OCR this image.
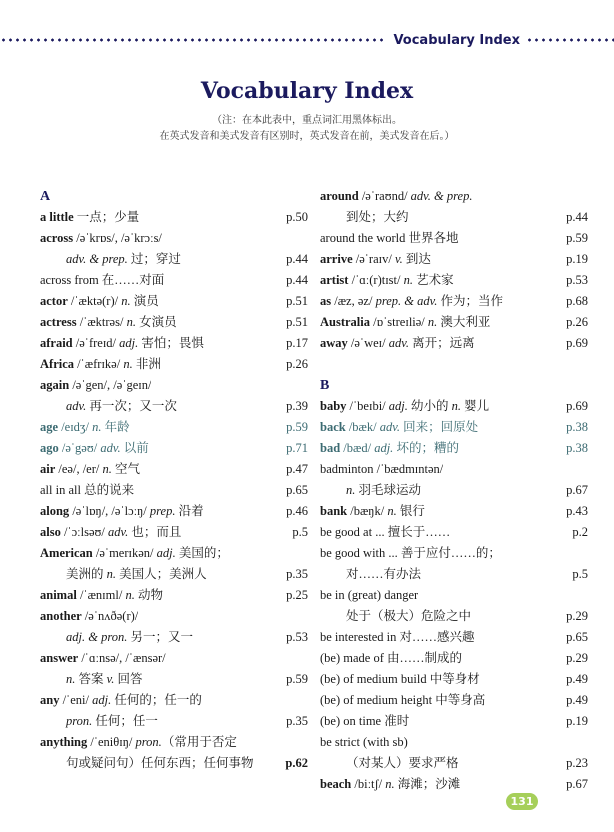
Vocabulary Index
Vocabulary Index
（注：在本此表中，重点词汇用黑体标出。
在英式发音和美式发音有区别时，英式发音在前，美式发音在后。）
A
a little 一点；少量	p.50
across /əˈkrɒs/, /əˈkrɔːs/
adv. & prep. 过；穿过	p.44
across from 在……对面	p.44
actor /ˈæktə(r)/ n. 演员	p.51
actress /ˈæktrəs/ n. 女演员	p.51
afraid /əˈfreɪd/ adj. 害怕；畏惧	p.17
Africa /ˈæfrɪkə/ n. 非洲	p.26
again /əˈgen/, /əˈgeɪn/
adv. 再一次；又一次	p.39
age /eɪdʒ/ n. 年龄	p.59
ago /əˈgəʊ/ adv. 以前	p.71
air /eə/, /er/ n. 空气	p.47
all in all 总的说来	p.65
along /əˈlɒŋ/, /əˈlɔːŋ/ prep. 沿着	p.46
also /ˈɔːlsəʊ/ adv. 也；而且	p.5
American /əˈmerɪkən/ adj. 美国的；
美洲的 n. 美国人；美洲人	p.35
animal /ˈænɪml/ n. 动物	p.25
another /əˈnʌðə(r)/
adj. & pron. 另一；又一	p.53
answer /ˈɑːnsə/, /ˈænsər/
n. 答案 v. 回答	p.59
any /ˈeni/ adj. 任何的；任一的
pron. 任何；任一	p.35
anything /ˈeniθɪŋ/ pron.（常用于否定
句或疑问句）任何东西；任何事物	p.62
around /əˈraʊnd/ adv. & prep.
到处；大约	p.44
around the world 世界各地	p.59
arrive /əˈraɪv/ v. 到达	p.19
artist /ˈɑː(r)tɪst/ n. 艺术家	p.53
as /æz, əz/ prep. & adv. 作为；当作	p.68
Australia /ɒˈstreɪliə/ n. 澳大利亚	p.26
away /əˈweɪ/ adv. 离开；远离	p.69
B
baby /ˈbeɪbi/ adj. 幼小的 n. 婴儿	p.69
back /bæk/ adv. 回来；回原处	p.38
bad /bæd/ adj. 坏的；糟的	p.38
badminton /ˈbædmɪntən/
n. 羽毛球运动	p.67
bank /bæŋk/ n. 银行	p.43
be good at ... 擅长于……	p.2
be good with ... 善于应付……的；
对……有办法	p.5
be in (great) danger
处于（极大）危险之中	p.29
be interested in 对……感兴趣	p.65
(be) made of 由……制成的	p.29
(be) of medium build 中等身材	p.49
(be) of medium height 中等身高	p.49
(be) on time 准时	p.19
be strict (with sb)
（对某人）要求严格	p.23
beach /biːtʃ/ n. 海滩；沙滩	p.67
131
